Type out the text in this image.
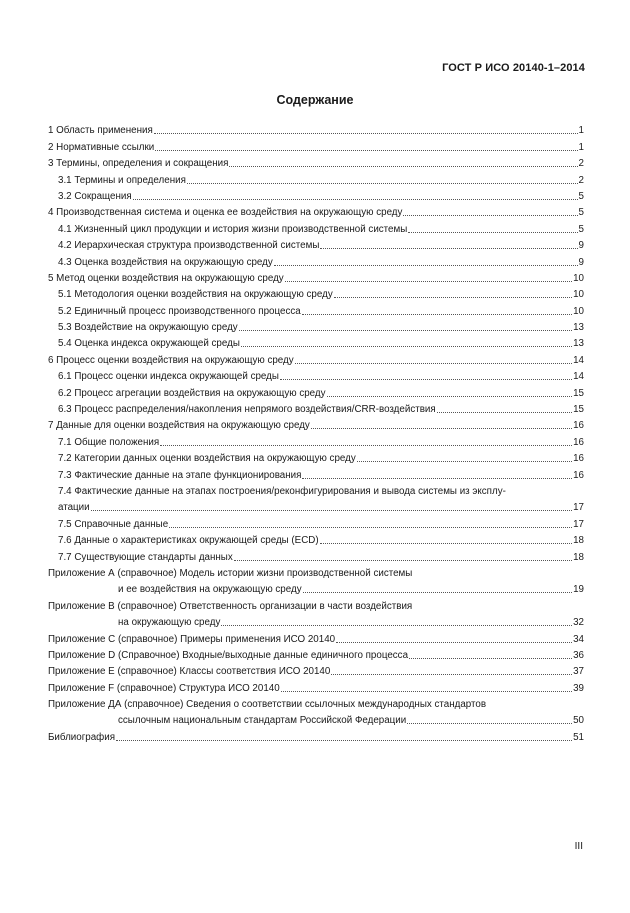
ГОСТ Р ИСО 20140-1–2014
Содержание
1 Область применения	1
2 Нормативные ссылки	1
3 Термины, определения и сокращения	2
3.1 Термины и определения	2
3.2 Сокращения	5
4 Производственная система и оценка ее воздействия на окружающую среду	5
4.1 Жизненный цикл продукции и история жизни производственной системы	5
4.2 Иерархическая структура производственной системы	9
4.3 Оценка воздействия на окружающую среду	9
5 Метод оценки воздействия на окружающую среду	10
5.1 Методология оценки воздействия на окружающую среду	10
5.2 Единичный процесс производственного процесса	10
5.3 Воздействие на окружающую среду	13
5.4 Оценка индекса окружающей среды	13
6 Процесс оценки воздействия на окружающую среду	14
6.1 Процесс оценки индекса окружающей среды	14
6.2 Процесс агрегации воздействия на окружающую среду	15
6.3 Процесс распределения/накопления непрямого воздействия/CRR-воздействия	15
7 Данные для оценки воздействия на окружающую среду	16
7.1 Общие положения	16
7.2 Категории данных оценки воздействия на окружающую среду	16
7.3 Фактические данные на этапе функционирования	16
7.4 Фактические данные на этапах построения/реконфигурирования и вывода системы из эксплу-
атации	17
7.5 Справочные данные	17
7.6 Данные о характеристиках окружающей среды (ECD)	18
7.7 Существующие стандарты данных	18
Приложение А (справочное) Модель истории жизни производственной системы
и ее воздействия на окружающую среду	19
Приложение В (справочное) Ответственность организации в части воздействия
на окружающую среду	32
Приложение С (справочное) Примеры применения ИСО 20140	34
Приложение D (Справочное) Входные/выходные данные единичного процесса	36
Приложение Е (справочное) Классы соответствия ИСО 20140	37
Приложение F (справочное) Структура ИСО 20140	39
Приложение ДА (справочное) Сведения о соответствии ссылочных международных стандартов
ссылочным национальным стандартам Российской Федерации	50
Библиография	51
III
